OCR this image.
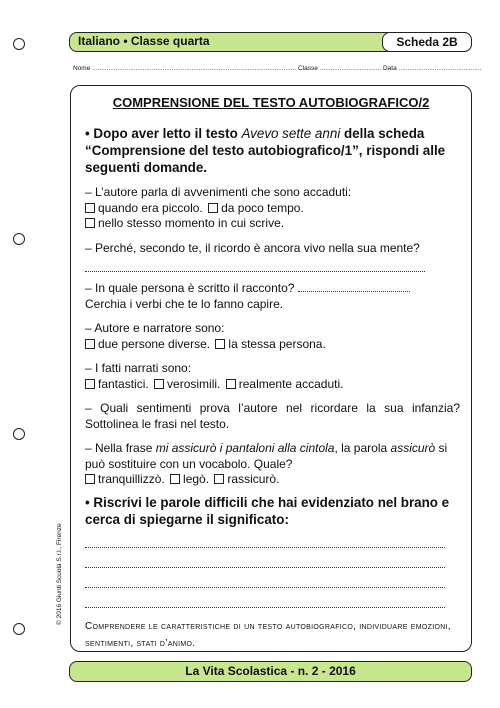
Italiano • Classe quarta	Scheda 2B
Nome ................................................................................................................. Classe .................................. Data ..............................................
COMPRENSIONE DEL TESTO AUTOBIOGRAFICO/2
• Dopo aver letto il testo Avevo sette anni della scheda “Comprensione del testo autobiografico/1”, rispondi alle seguenti domande.

– L’autore parla di avvenimenti che sono accaduti:

quando era piccolo. da poco tempo.

nello stesso momento in cui scrive.

– Perché, secondo te, il ricordo è ancora vivo nella sua mente?

– In quale persona è scritto il racconto?

Cerchia i verbi che te lo fanno capire.

– Autore e narratore sono:

due persone diverse. la stessa persona.

– I fatti narrati sono:

fantastici. verosimili. realmente accaduti.

– Quali sentimenti prova l’autore nel ricordare la sua infanzia? Sottolinea le frasi nel testo.

– Nella frase mi assicurò i pantaloni alla cintola, la parola assicurò si può sostituire con un vocabolo. Quale?

tranquillizzò. legò. rassicurò.

• Riscrivi le parole difficili che hai evidenziato nel brano e cerca di spiegarne il significato:
Comprendere le caratteristiche di un testo autobiografico, individuare emozioni, sentimenti, stati d’animo.
© 2016 Giunti Scuola S.r.l., Firenze
La Vita Scolastica - n. 2 - 2016
